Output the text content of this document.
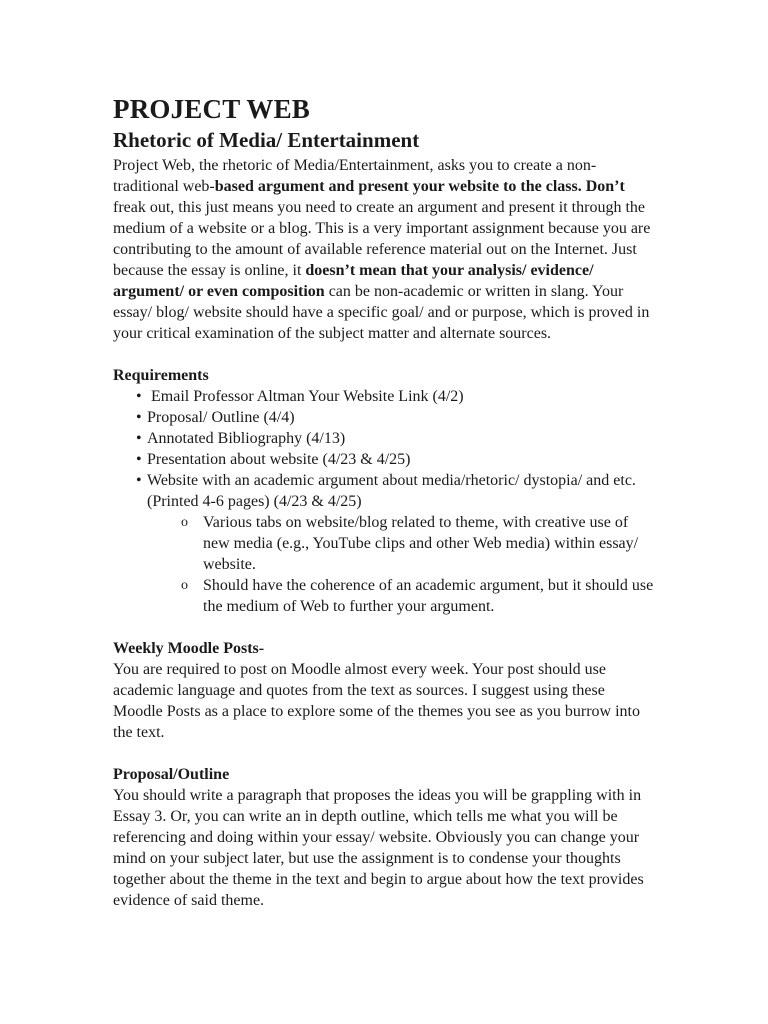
PROJECT WEB
Rhetoric of Media/ Entertainment

Project Web, the rhetoric of Media/Entertainment, asks you to create a non-traditional web-based argument and present your website to the class. Don’t freak out, this just means you need to create an argument and present it through the medium of a website or a blog. This is a very important assignment because you are contributing to the amount of available reference material out on the Internet. Just because the essay is online, it doesn’t mean that your analysis/ evidence/ argument/ or even composition can be non-academic or written in slang. Your essay/ blog/ website should have a specific goal/ and or purpose, which is proved in your critical examination of the subject matter and alternate sources.

Requirements
• Email Professor Altman Your Website Link (4/2)
• Proposal/ Outline (4/4)
• Annotated Bibliography (4/13)
• Presentation about website (4/23 & 4/25)
• Website with an academic argument about media/rhetoric/ dystopia/ and etc. (Printed 4-6 pages) (4/23 & 4/25)
o Various tabs on website/blog related to theme, with creative use of new media (e.g., YouTube clips and other Web media) within essay/ website.
o Should have the coherence of an academic argument, but it should use the medium of Web to further your argument.
Weekly Moodle Posts-

You are required to post on Moodle almost every week. Your post should use academic language and quotes from the text as sources. I suggest using these Moodle Posts as a place to explore some of the themes you see as you burrow into the text.

Proposal/Outline

You should write a paragraph that proposes the ideas you will be grappling with in Essay 3. Or, you can write an in depth outline, which tells me what you will be referencing and doing within your essay/ website. Obviously you can change your mind on your subject later, but use the assignment is to condense your thoughts together about the theme in the text and begin to argue about how the text provides evidence of said theme.
